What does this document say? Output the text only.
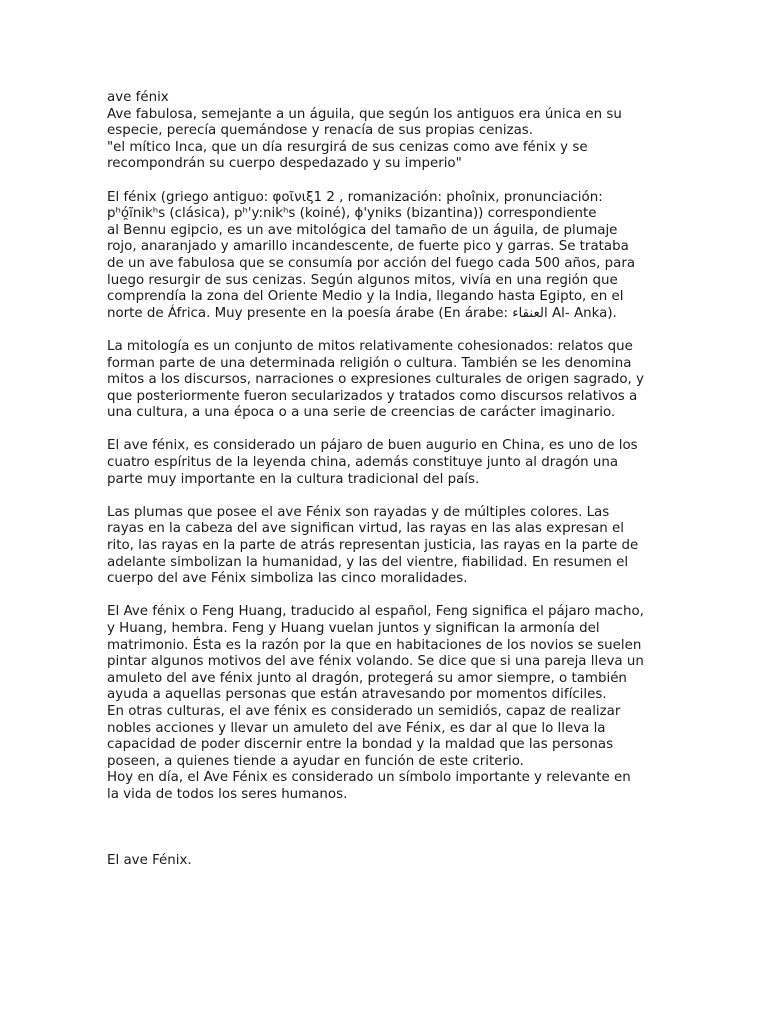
ave fénix
Ave fabulosa, semejante a un águila, que según los antiguos era única en su
especie, perecía quemándose y renacía de sus propias cenizas.
"el mítico Inca, que un día resurgirá de sus cenizas como ave fénix y se
recompondrán su cuerpo despedazado y su imperio"
El fénix (griego antiguo: φοῖνιξ1 2 , romanización: phoînix, pronunciación:
pʰó̯ĩnikʰs (clásica), pʰ'y:nikʰs (koiné), ɸ'yniks (bizantina)) correspondiente
al Bennu egipcio, es un ave mitológica del tamaño de un águila, de plumaje
rojo, anaranjado y amarillo incandescente, de fuerte pico y garras. Se trataba
de un ave fabulosa que se consumía por acción del fuego cada 500 años, para
luego resurgir de sus cenizas. Según algunos mitos, vivía en una región que
comprendía la zona del Oriente Medio y la India, llegando hasta Egipto, en el
norte de África. Muy presente en la poesía árabe (En árabe: العنقاء Al- Anka).
La mitología es un conjunto de mitos relativamente cohesionados: relatos que
forman parte de una determinada religión o cultura. También se les denomina
mitos a los discursos, narraciones o expresiones culturales de origen sagrado, y
que posteriormente fueron secularizados y tratados como discursos relativos a
una cultura, a una época o a una serie de creencias de carácter imaginario.
El ave fénix, es considerado un pájaro de buen augurio en China, es uno de los
cuatro espíritus de la leyenda china, además constituye junto al dragón una
parte muy importante en la cultura tradicional del país.
Las plumas que posee el ave Fénix son rayadas y de múltiples colores. Las
rayas en la cabeza del ave significan virtud, las rayas en las alas expresan el
rito, las rayas en la parte de atrás representan justicia, las rayas en la parte de
adelante simbolizan la humanidad, y las del vientre, fiabilidad. En resumen el
cuerpo del ave Fénix simboliza las cinco moralidades.
El Ave fénix o Feng Huang, traducido al español, Feng significa el pájaro macho,
y Huang, hembra. Feng y Huang vuelan juntos y significan la armonía del
matrimonio. Ésta es la razón por la que en habitaciones de los novios se suelen
pintar algunos motivos del ave fénix volando. Se dice que si una pareja lleva un
amuleto del ave fénix junto al dragón, protegerá su amor siempre, o también
ayuda a aquellas personas que están atravesando por momentos difíciles.
En otras culturas, el ave fénix es considerado un semidiós, capaz de realizar
nobles acciones y llevar un amuleto del ave Fénix, es dar al que lo lleva la
capacidad de poder discernir entre la bondad y la maldad que las personas
poseen, a quienes tiende a ayudar en función de este criterio.
Hoy en día, el Ave Fénix es considerado un símbolo importante y relevante en
la vida de todos los seres humanos.
El ave Fénix.
